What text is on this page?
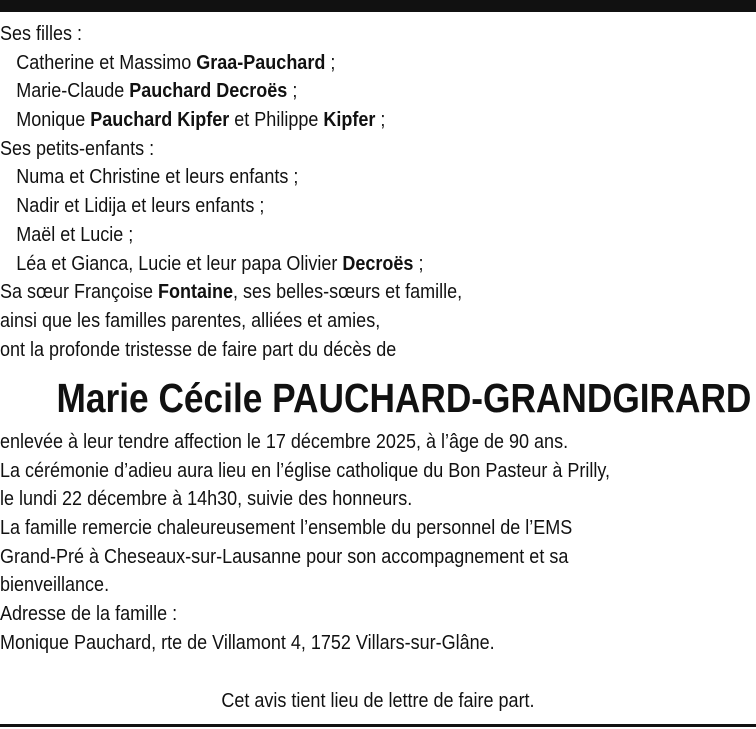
Ses filles :
Catherine et Massimo Graa-Pauchard ;
Marie-Claude Pauchard Decroës ;
Monique Pauchard Kipfer et Philippe Kipfer ;
Ses petits-enfants :
Numa et Christine et leurs enfants ;
Nadir et Lidija et leurs enfants ;
Maël et Lucie ;
Léa et Gianca, Lucie et leur papa Olivier Decroës ;
Sa sœur Françoise Fontaine, ses belles-sœurs et famille,
ainsi que les familles parentes, alliées et amies,
ont la profonde tristesse de faire part du décès de
Marie Cécile PAUCHARD-GRANDGIRARD
enlevée à leur tendre affection le 17 décembre 2025, à l’âge de 90 ans.
La cérémonie d’adieu aura lieu en l’église catholique du Bon Pasteur à Prilly,
le lundi 22 décembre à 14h30, suivie des honneurs.
La famille remercie chaleureusement l’ensemble du personnel de l’EMS
Grand-Pré à Cheseaux-sur-Lausanne pour son accompagnement et sa
bienveillance.
Adresse de la famille :
Monique Pauchard, rte de Villamont 4, 1752 Villars-sur-Glâne.
Cet avis tient lieu de lettre de faire part.
